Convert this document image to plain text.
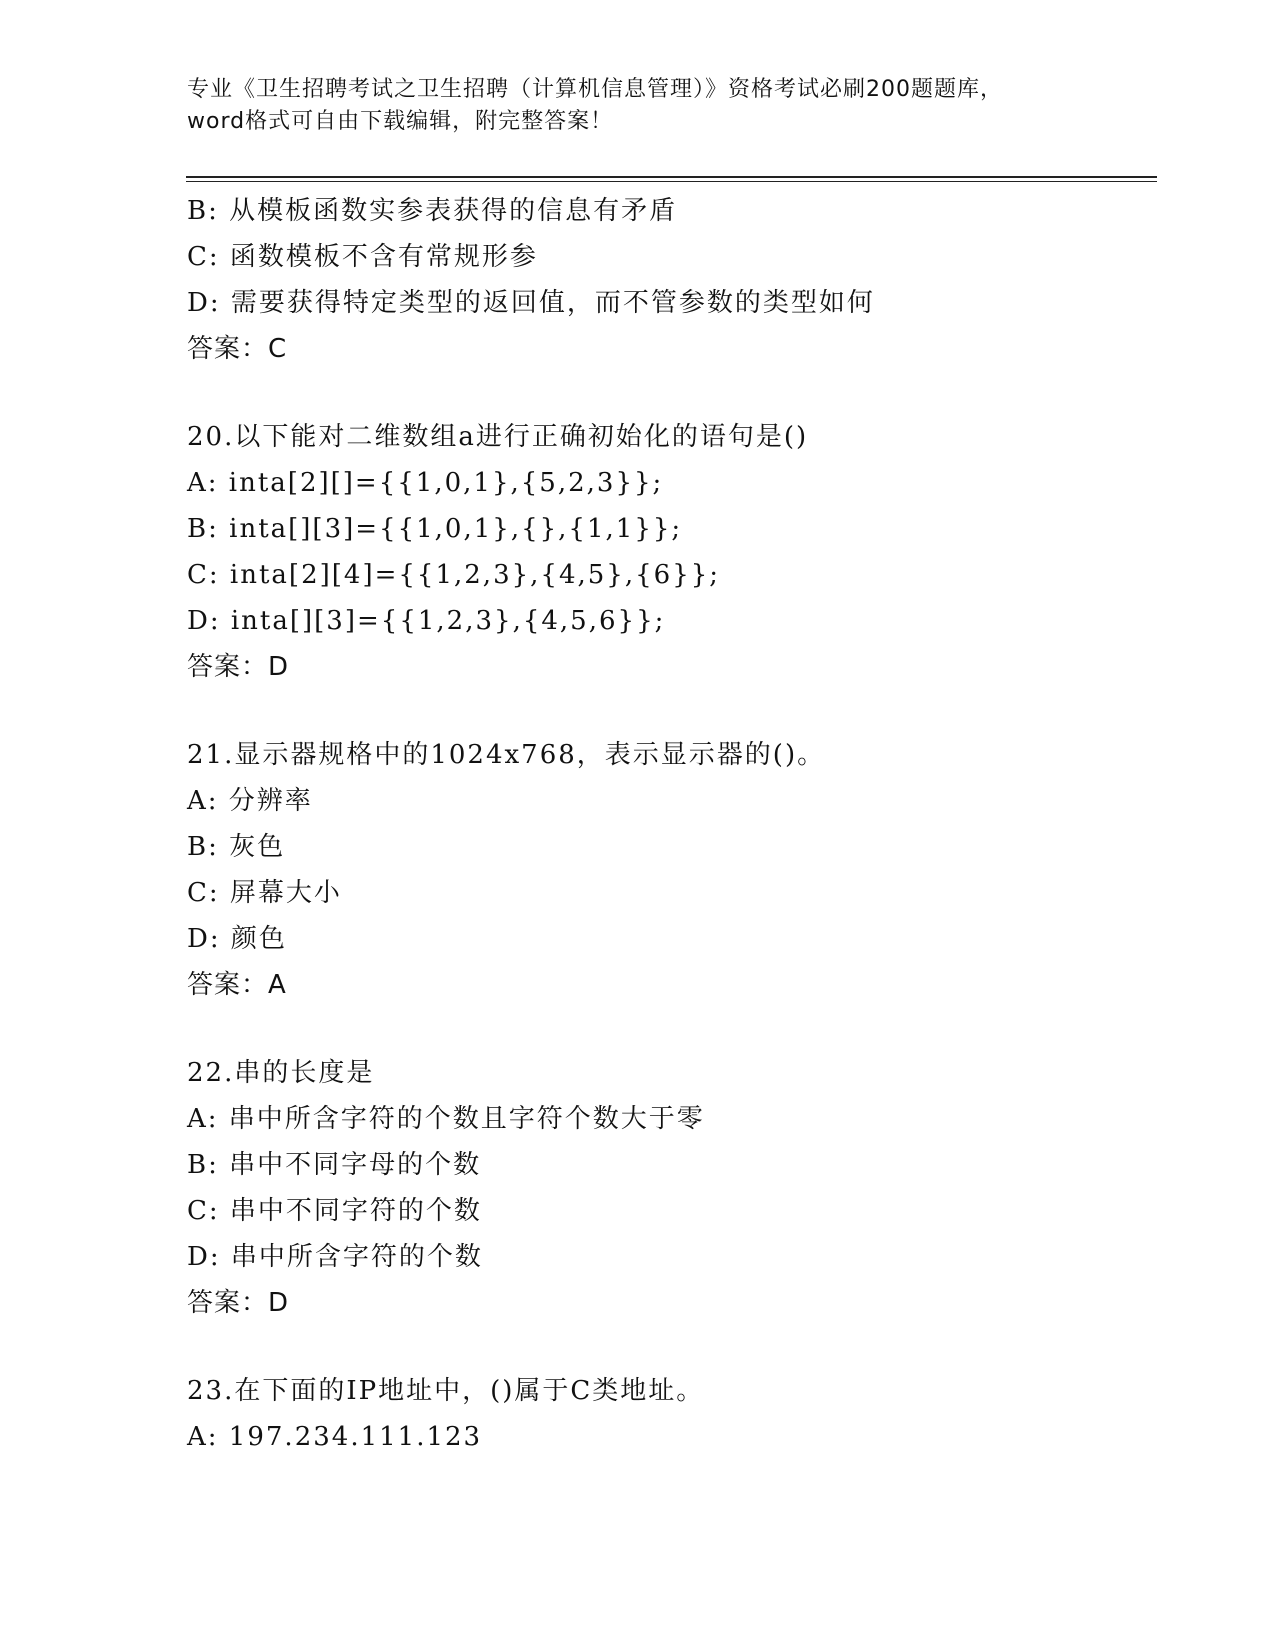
专业《卫生招聘考试之卫生招聘（计算机信息管理）》资格考试必刷200题题库，
word格式可自由下载编辑，附完整答案！
B: 从模板函数实参表获得的信息有矛盾
C: 函数模板不含有常规形参
D: 需要获得特定类型的返回值，而不管参数的类型如何
答案：C
20.以下能对二维数组a进行正确初始化的语句是()
A: inta[2][]={{1,0,1},{5,2,3}};
B: inta[][3]={{1,0,1},{},{1,1}};
C: inta[2][4]={{1,2,3},{4,5},{6}};
D: inta[][3]={{1,2,3},{4,5,6}};
答案：D
21.显示器规格中的1024x768，表示显示器的()。
A: 分辨率
B: 灰色
C: 屏幕大小
D: 颜色
答案：A
22.串的长度是
A: 串中所含字符的个数且字符个数大于零
B: 串中不同字母的个数
C: 串中不同字符的个数
D: 串中所含字符的个数
答案：D
23.在下面的IP地址中，()属于C类地址。
A: 197.234.111.123
